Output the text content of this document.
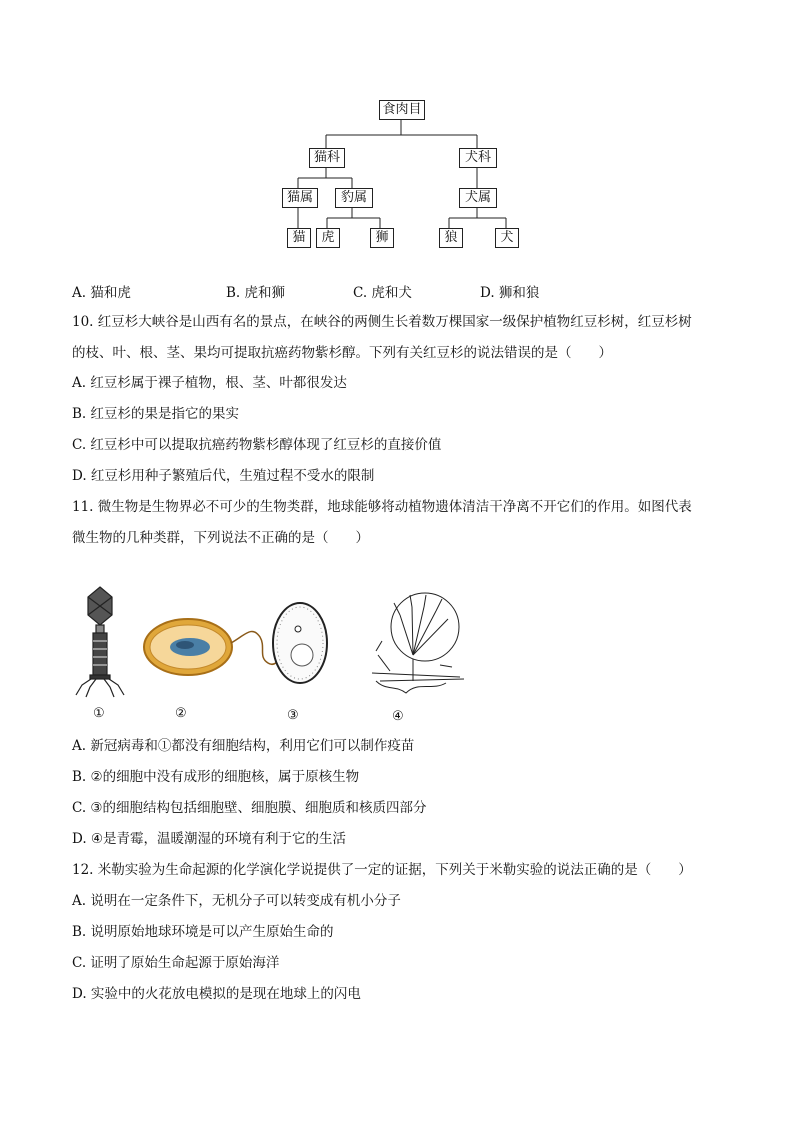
食肉目
猫科	犬科
猫属	豹属	犬属
猫	虎	狮	狼	犬
A. 猫和虎	B. 虎和狮	C. 虎和犬	D. 狮和狼
10. 红豆杉大峡谷是山西有名的景点，在峡谷的两侧生长着数万棵国家一级保护植物红豆杉树，红豆杉树
的枝、叶、根、茎、果均可提取抗癌药物紫杉醇。下列有关红豆杉的说法错误的是（　　）
A. 红豆杉属于裸子植物，根、茎、叶都很发达
B. 红豆杉的果是指它的果实
C. 红豆杉中可以提取抗癌药物紫杉醇体现了红豆杉的直接价值
D. 红豆杉用种子繁殖后代，生殖过程不受水的限制
11. 微生物是生物界必不可少的生物类群，地球能够将动植物遗体清洁干净离不开它们的作用。如图代表
微生物的几种类群，下列说法不正确的是（　　）
①	②	③	④
A. 新冠病毒和①都没有细胞结构，利用它们可以制作疫苗
B. ②的细胞中没有成形的细胞核，属于原核生物
C. ③的细胞结构包括细胞壁、细胞膜、细胞质和核质四部分
D. ④是青霉，温暖潮湿的环境有利于它的生活
12. 米勒实验为生命起源的化学演化学说提供了一定的证据，下列关于米勒实验的说法正确的是（　　）
A. 说明在一定条件下，无机分子可以转变成有机小分子
B. 说明原始地球环境是可以产生原始生命的
C. 证明了原始生命起源于原始海洋
D. 实验中的火花放电模拟的是现在地球上的闪电
